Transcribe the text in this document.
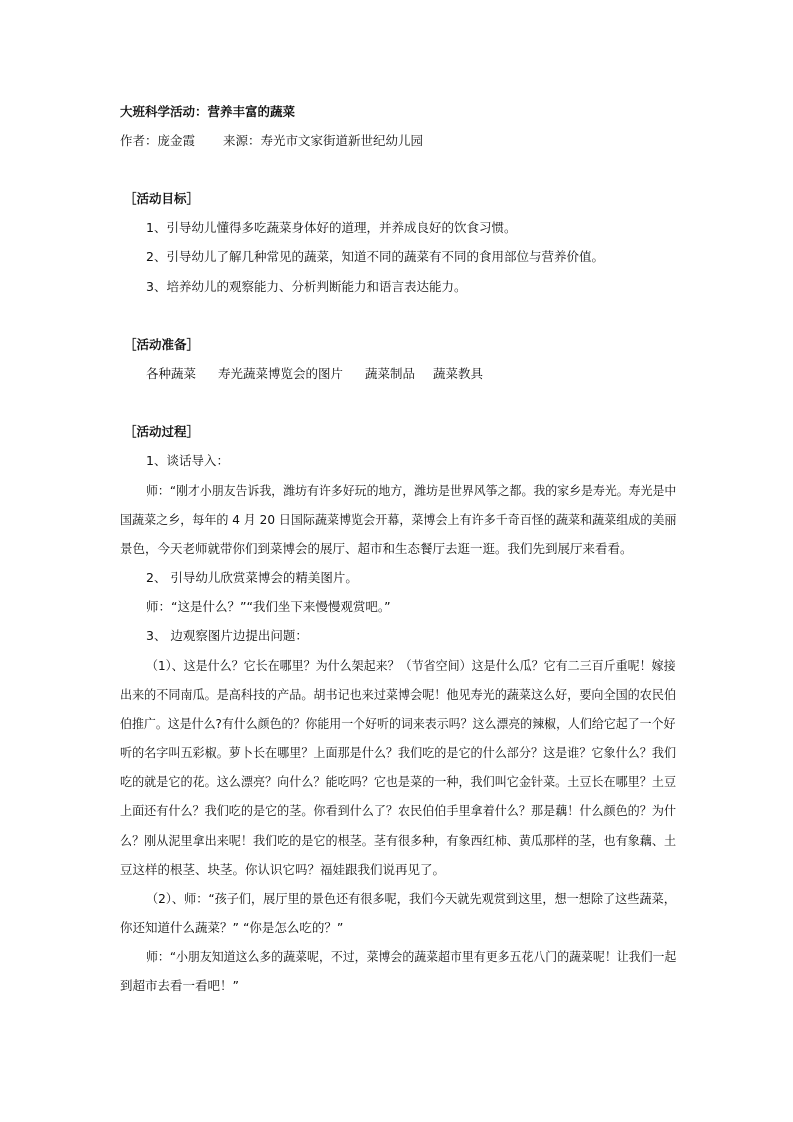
大班科学活动：营养丰富的蔬菜
作者：庞金霞 来源：寿光市文家街道新世纪幼儿园
［活动目标］
1、引导幼儿懂得多吃蔬菜身体好的道理，并养成良好的饮食习惯。
2、引导幼儿了解几种常见的蔬菜，知道不同的蔬菜有不同的食用部位与营养价值。
3、培养幼儿的观察能力、分析判断能力和语言表达能力。
［活动准备］
各种蔬菜 寿光蔬菜博览会的图片 蔬菜制品 蔬菜教具
［活动过程］
1、谈话导入：
师：“刚才小朋友告诉我，潍坊有许多好玩的地方，潍坊是世界风筝之都。我的家乡是寿光。寿光是中
国蔬菜之乡，每年的 4 月 20 日国际蔬菜博览会开幕，菜博会上有许多千奇百怪的蔬菜和蔬菜组成的美丽
景色，今天老师就带你们到菜博会的展厅、超市和生态餐厅去逛一逛。我们先到展厅来看看。
2、 引导幼儿欣赏菜博会的精美图片。
师：“这是什么？”“我们坐下来慢慢观赏吧。”
3、 边观察图片边提出问题：
（1）、这是什么？它长在哪里？为什么架起来？（节省空间）这是什么瓜？它有二三百斤重呢！嫁接
出来的不同南瓜。是高科技的产品。胡书记也来过菜博会呢！他见寿光的蔬菜这么好，要向全国的农民伯
伯推广。这是什么?有什么颜色的？你能用一个好听的词来表示吗？这么漂亮的辣椒，人们给它起了一个好
听的名字叫五彩椒。萝卜长在哪里？上面那是什么？我们吃的是它的什么部分？这是谁？它象什么？我们
吃的就是它的花。这么漂亮？向什么？能吃吗？它也是菜的一种，我们叫它金针菜。土豆长在哪里？土豆
上面还有什么？我们吃的是它的茎。你看到什么了？农民伯伯手里拿着什么？那是藕！什么颜色的？为什
么？刚从泥里拿出来呢！我们吃的是它的根茎。茎有很多种，有象西红柿、黄瓜那样的茎，也有象藕、土
豆这样的根茎、块茎。你认识它吗？福娃跟我们说再见了。
（2）、师：“孩子们，展厅里的景色还有很多呢，我们今天就先观赏到这里，想一想除了这些蔬菜，
你还知道什么蔬菜？” “你是怎么吃的？”
师：“小朋友知道这么多的蔬菜呢，不过，菜博会的蔬菜超市里有更多五花八门的蔬菜呢！让我们一起
到超市去看一看吧！”
